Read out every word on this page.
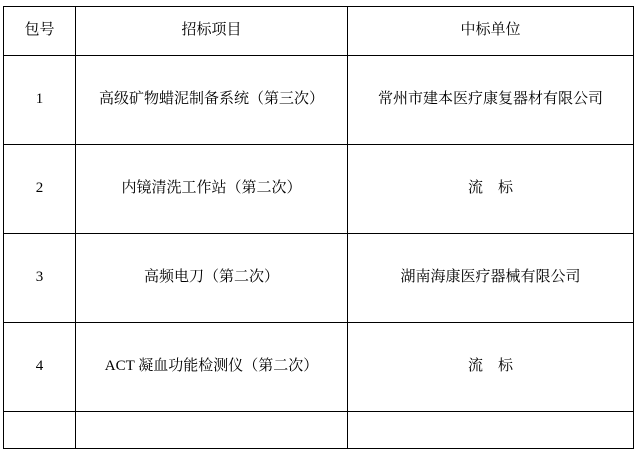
包号	招标项目	中标单位
1	高级矿物蜡泥制备系统（第三次）	常州市建本医疗康复器材有限公司
2	内镜清洗工作站（第二次）	流　标
3	高频电刀（第二次）	湖南海康医疗器械有限公司
4	ACT 凝血功能检测仪（第二次）	流　标
